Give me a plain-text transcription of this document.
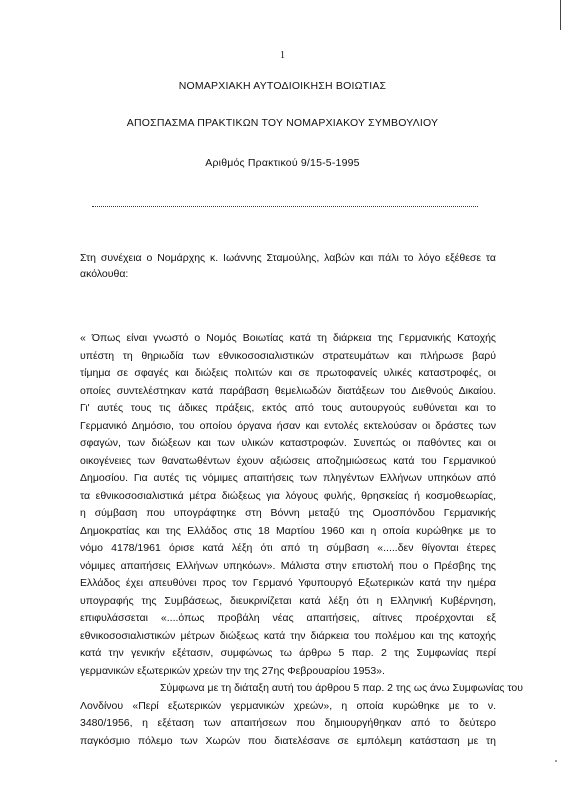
1
ΝΟΜΑΡΧΙΑΚΗ ΑΥΤΟΔΙΟΙΚΗΣΗ ΒΟΙΩΤΙΑΣ
ΑΠΟΣΠΑΣΜΑ ΠΡΑΚΤΙΚΩΝ ΤΟΥ ΝΟΜΑΡΧΙΑΚΟΥ ΣΥΜΒΟΥΛΙΟΥ
Αριθμός Πρακτικού 9/15-5-1995
Στη συνέχεια ο Νομάρχης κ. Ιωάννης Σταμούλης, λαβών και πάλι το λόγο εξέθεσε τα
ακόλουθα:
« Όπως είναι γνωστό ο Νομός Βοιωτίας κατά τη διάρκεια της Γερμανικής Κατοχής
υπέστη τη θηριωδία των εθνικοσοσιαλιστικών στρατευμάτων και πλήρωσε βαρύ
τίμημα σε σφαγές και διώξεις πολιτών και σε πρωτοφανείς υλικές καταστροφές, οι
οποίες συντελέστηκαν κατά παράβαση θεμελιωδών διατάξεων του Διεθνούς Δικαίου.
Γι' αυτές τους τις άδικες πράξεις, εκτός από τους αυτουργούς ευθύνεται και το
Γερμανικό Δημόσιο, του οποίου όργανα ήσαν και εντολές εκτελούσαν οι δράστες των
σφαγών, των διώξεων και των υλικών καταστροφών. Συνεπώς οι παθόντες και οι
οικογένειες των θανατωθέντων έχουν αξιώσεις αποζημιώσεως κατά του Γερμανικού
Δημοσίου. Για αυτές τις νόμιμες απαιτήσεις των πληγέντων Ελλήνων υπηκόων από
τα εθνικοσοσιαλιστικά μέτρα διώξεως για λόγους φυλής, θρησκείας ή κοσμοθεωρίας,
η σύμβαση που υπογράφτηκε στη Βόννη μεταξύ της Ομοσπόνδου Γερμανικής
Δημοκρατίας και της Ελλάδος στις 18 Μαρτίου 1960 και η οποία κυρώθηκε με το
νόμο 4178/1961 όρισε κατά λέξη ότι από τη σύμβαση «.....δεν θίγονται έτερες
νόμιμες απαιτήσεις Ελλήνων υπηκόων». Μάλιστα στην επιστολή που ο Πρέσβης της
Ελλάδος έχει απευθύνει προς τον Γερμανό Υφυπουργό Εξωτερικών κατά την ημέρα
υπογραφής της Συμβάσεως, διευκρινίζεται κατά λέξη ότι η Ελληνική Κυβέρνηση,
επιφυλάσσεται «....όπως προβάλη νέας απαιτήσεις, αίτινες προέρχονται εξ
εθνικοσοσιαλιστικών μέτρων διώξεως κατά την διάρκεια του πολέμου και της κατοχής
κατά την γενικήν εξέτασιν, συμφώνως τω άρθρω 5 παρ. 2 της Συμφωνίας περί
γερμανικών εξωτερικών χρεών την της 27ης Φεβρουαρίου 1953».
Σύμφωνα με τη διάταξη αυτή του άρθρου 5 παρ. 2 της ως άνω Συμφωνίας του
Λονδίνου «Περί εξωτερικών γερμανικών χρεών», η οποία κυρώθηκε με το ν.
3480/1956, η εξέταση των απαιτήσεων που δημιουργήθηκαν από το δεύτερο
παγκόσμιο πόλεμο των Χωρών που διατελέσανε σε εμπόλεμη κατάσταση με τη
